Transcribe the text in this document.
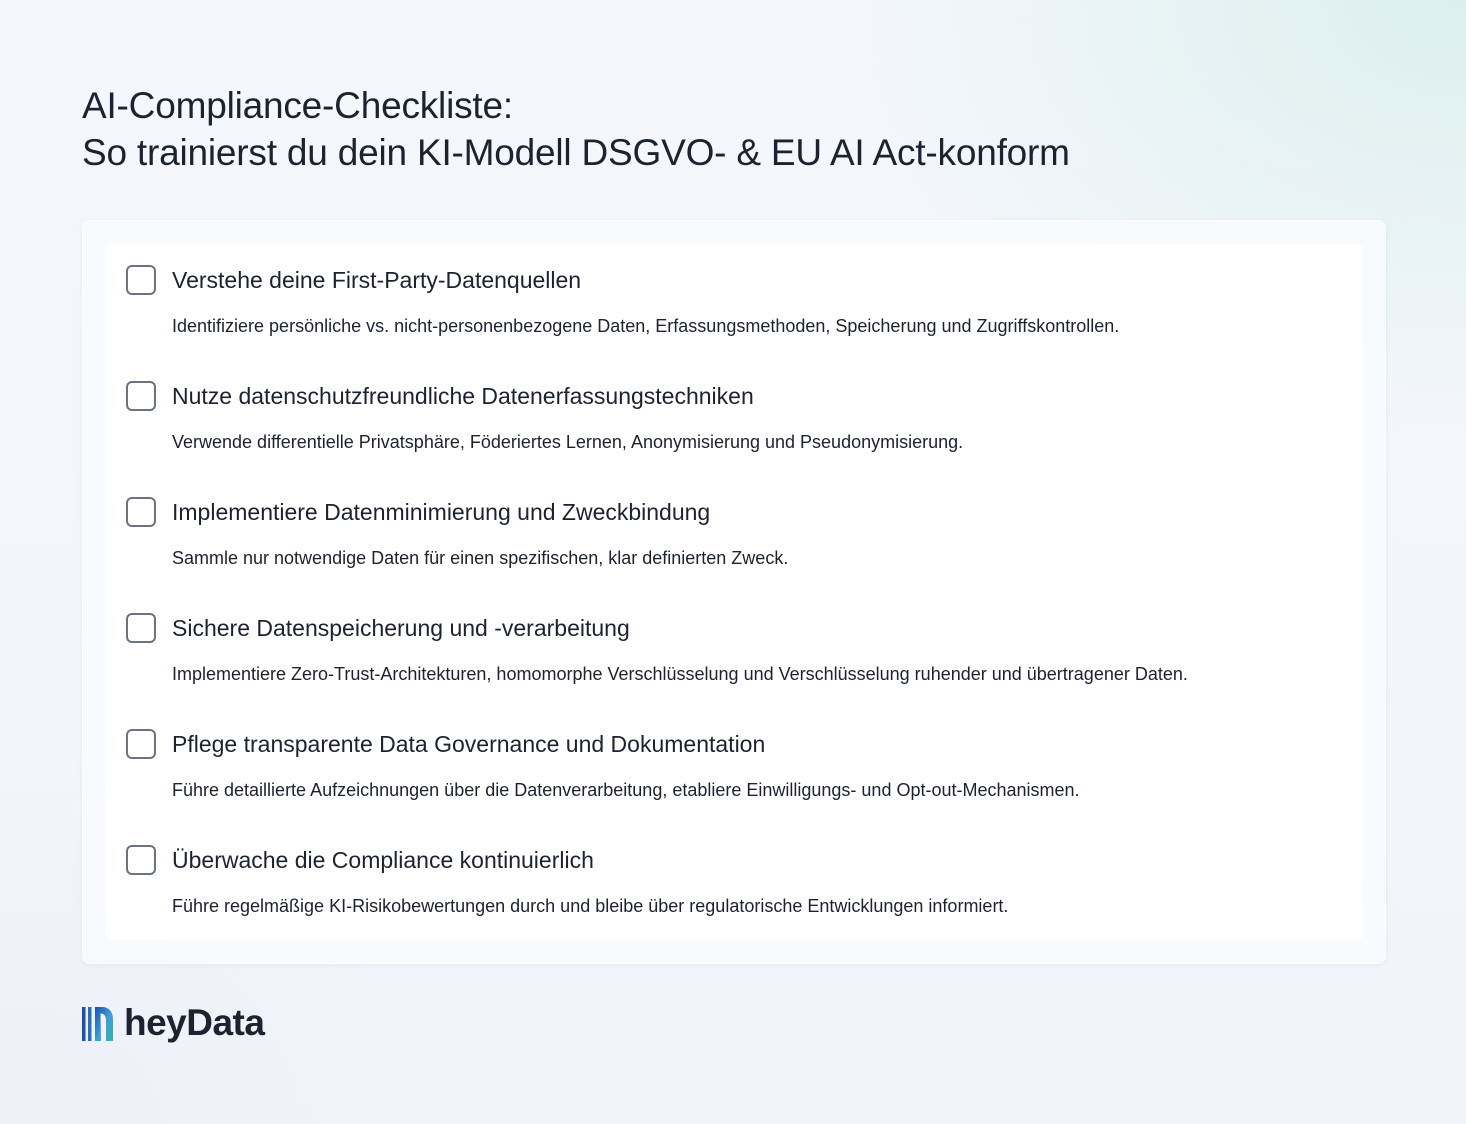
AI-Compliance-Checkliste:
So trainierst du dein KI-Modell DSGVO- & EU AI Act-konform
Verstehe deine First-Party-Datenquellen

Identifiziere persönliche vs. nicht-personenbezogene Daten, Erfassungsmethoden, Speicherung und Zugriffskontrollen.

Nutze datenschutzfreundliche Datenerfassungstechniken

Verwende differentielle Privatsphäre, Föderiertes Lernen, Anonymisierung und Pseudonymisierung.

Implementiere Datenminimierung und Zweckbindung

Sammle nur notwendige Daten für einen spezifischen, klar definierten Zweck.

Sichere Datenspeicherung und -verarbeitung

Implementiere Zero-Trust-Architekturen, homomorphe Verschlüsselung und Verschlüsselung ruhender und übertragener Daten.

Pflege transparente Data Governance und Dokumentation

Führe detaillierte Aufzeichnungen über die Datenverarbeitung, etabliere Einwilligungs- und Opt-out-Mechanismen.

Überwache die Compliance kontinuierlich

Führe regelmäßige KI-Risikobewertungen durch und bleibe über regulatorische Entwicklungen informiert.

heyData
